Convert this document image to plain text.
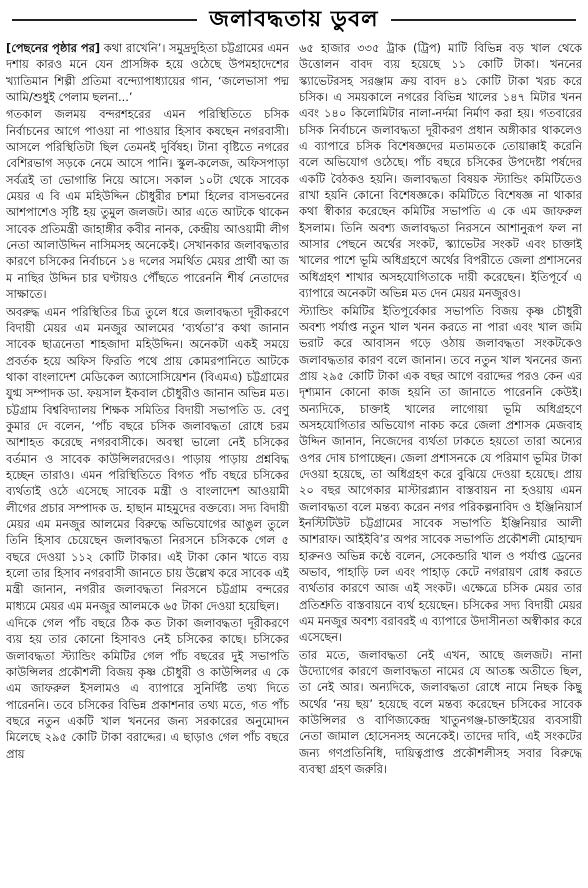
জলাবদ্ধতায় ডুবল

[পেছনের পৃষ্ঠার পর] কথা রাখেনি’। সমুদ্রদুহিতা চট্টগ্রামের এমন দশায় কারও মনে যেন প্রাসঙ্গিক হয়ে ওঠেছে উপমহাদেশের খ্যাতিমান শিল্পী প্রতিমা বন্দ্যোপাধ্যায়ের গান, ‘জলেভাসা পদ্ম আমি/শুধুই পেলাম ছলনা...’

গতকাল জলময় বন্দরশহরের এমন পরিস্থিতিতে চসিক নির্বাচনের আগে পাওয়া না পাওয়ার হিসাব কষছেন নগরবাসী। আসলে পরিস্থিতিটা ছিল তেমনই দুর্বিষহ। টানা বৃষ্টিতে নগরের বেশিরভাগ সড়কে নেমে আসে পানি। স্কুল-কলেজ, অফিসপাড়া সর্বত্রই তা ভোগান্তি নিয়ে আসে। সকাল ১০টা থেকে সাবেক মেয়র এ বি এম মহিউদ্দিন চৌধুরীর চশমা হিলের বাসভবনের আশপাশেও সৃষ্টি হয় তুমুল জলজট। আর এতে আটকে থাকেন সাবেক প্রতিমন্ত্রী জাহাঙ্গীর কবীর নানক, কেন্দ্রীয় আওয়ামী লীগ নেতা আলাউদ্দিন নাসিমসহ অনেকেই। সেখানকার জলাবদ্ধতার কারণে চসিকের নির্বাচনে ১৪ দলের সমর্থিত মেয়র প্রার্থী আ জ ম নাছির উদ্দিন চার ঘণ্টায়ও পৌঁছতে পারেননি শীর্ষ নেতাদের সাক্ষাতে।

অবরুদ্ধ এমন পরিস্থিতির চিত্র তুলে ধরে জলাবদ্ধতা দূরীকরণে বিদায়ী মেয়র এম মনজুর আলমের ‘ব্যর্থতা’র কথা জানান সাবেক ছাত্রনেতা শাহজাদা মহিউদ্দিন। অনেকটা একই সময়ে প্রবর্তক হয়ে অফিস ফিরতি পথে প্রায় কোমরপানিতে আটকে থাকা বাংলাদেশ মেডিকেল অ্যাসোসিয়েশন (বিএমএ) চট্টগ্রামের যুগ্ম সম্পাদক ডা. ফয়সাল ইকবাল চৌধুরীও জানান অভিন্ন মত। চট্টগ্রাম বিশ্ববিদ্যালয় শিক্ষক সমিতির বিদায়ী সভাপতি ড. বেণু কুমার দে বলেন, ‘পাঁচ বছরে চসিক জলাবদ্ধতা রোধে চরম আশাহত করেছে নগরবাসীকে। অবস্থা ভালো নেই চসিকের বর্তমান ও সাবেক কাউন্সিলরদেরও। পাড়ায় পাড়ায় প্রশ্নবিদ্ধ হচ্ছেন তারাও। এমন পরিস্থিতিতে বিগত পাঁচ বছরে চসিকের ব্যর্থতাই ওঠে এসেছে সাবেক মন্ত্রী ও বাংলাদেশ আওয়ামী লীগের প্রচার সম্পাদক ড. হাছান মাহমুদের বক্তব্যে। সদ্য বিদায়ী মেয়র এম মনজুর আলমের বিরুদ্ধে অভিযোগের আঙুল তুলে তিনি হিসাব চেয়েছেন জলাবদ্ধতা নিরসনে চসিককে গেল ৫ বছরে দেওয়া ১১২ কোটি টাকার। এই টাকা কোন খাতে ব্যয় হলো তার হিসাব নগরবাসী জানতে চায় উল্লেখ করে সাবেক এই মন্ত্রী জানান, নগরীর জলাবদ্ধতা নিরসনে চট্টগ্রাম বন্দরের মাধ্যমে মেয়র এম মনজুর আলমকে ৬৫ টাকা দেওয়া হয়েছিল।

এদিকে গেল পাঁচ বছরে ঠিক কত টাকা জলাবদ্ধতা দূরীকরণে ব্যয় হয় তার কোনো হিসাবও নেই চসিকের কাছে। চসিকের জলাবদ্ধতা স্ট্যান্ডিং কমিটির গেল পাঁচ বছরের দুই সভাপতি কাউন্সিলর প্রকৌশলী বিজয় কৃষ্ণ চৌধুরী ও কাউন্সিলর এ কে এম জাফরুল ইসলামও এ ব্যাপারে সুনির্দিষ্ট তথ্য দিতে পারেননি। তবে চসিকের বিভিন্ন প্রকাশনার তথ্য মতে, গত পাঁচ বছরে নতুন একটি খাল খননের জন্য সরকারের অনুমোদন মিলেছে ২৯৫ কোটি টাকা বরাদ্দের। এ ছাড়াও গেল পাঁচ বছরে প্রায়

৬৫ হাজার ৩৩৫ ট্রাক (ট্রিপ) মাটি বিভিন্ন বড় খাল থেকে উত্তোলন বাবদ ব্যয় হয়েছে ১১ কোটি টাকা। খননের স্ক্যাভেটরসহ সরঞ্জাম ক্রয় বাবদ ৪১ কোটি টাকা খরচ করে চসিক। এ সময়কালে নগরের বিভিন্ন খালের ১৪৭ মিটার খনন এবং ১৪০ কিলোমিটার নালা-নর্দমা নির্মাণ করা হয়। গতবারের চসিক নির্বাচনে জলাবদ্ধতা দূরীকরণ প্রধান অঙ্গীকার থাকলেও এ ব্যাপারে চসিক বিশেষজ্ঞদের মতামতকে তোয়াক্কাই করেনি বলে অভিযোগ ওঠেছে। পাঁচ বছরে চসিকের উপদেষ্টা পর্ষদের একটি বৈঠকও হয়নি। জলাবদ্ধতা বিষয়ক স্ট্যান্ডিং কমিটিতেও রাখা হয়নি কোনো বিশেষজ্ঞকে। কমিটিতে বিশেষজ্ঞ না থাকার কথা স্বীকার করেছেন কমিটির সভাপতি এ কে এম জাফরুল ইসলাম। তিনি অবশ্য জলাবদ্ধতা নিরসনে আশানুরূপ ফল না আসার পেছনে অর্থের সংকট, স্ক্যাভেটর সংকট এবং চাক্তাই খালের পাশে ভূমি অধিগ্রহণে অর্থের বিপরীতে জেলা প্রশাসনের অধিগ্রহণ শাখার অসহযোগিতাকে দায়ী করেছেন। ইতিপূর্বে এ ব্যাপারে অনেকটা অভিন্ন মত দেন মেয়র মনজুরও।

স্ট্যান্ডিং কমিটির ইতিপূর্বেকার সভাপতি বিজয় কৃষ্ণ চৌধুরী অবশ্য পর্যাপ্ত নতুন খাল খনন করতে না পারা এবং খাল জমি ভরাট করে আবাসন গড়ে ওঠায় জলাবদ্ধতা সংকটকেও জলাবদ্ধতার কারণ বলে জানান। তবে নতুন খাল খননের জন্য প্রায় ২৯৫ কোটি টাকা এক বছর আগে বরাদ্দের পরও কেন এর দৃশ্যমান কোনো কাজ হয়নি তা জানাতে পারেননি কেউই। অন্যদিকে, চাক্তাই খালের লাগোয়া ভূমি অধিগ্রহণে অসহযোগিতার অভিযোগ নাকচ করে জেলা প্রশাসক মেজবাহ উদ্দিন জানান, নিজেদের ব্যর্থতা ঢাকতে হয়তো তারা অন্যের ওপর দোষ চাপাচ্ছেন। জেলা প্রশাসনকে যে পরিমাণ ভূমির টাকা দেওয়া হয়েছে, তা অধিগ্রহণ করে বুঝিয়ে দেওয়া হয়েছে। প্রায় ২০ বছর আগেকার মাস্টারপ্ল্যান বাস্তবায়ন না হওয়ায় এমন জলাবদ্ধতা বলে মন্তব্য করেন নগর পরিকল্পনাবিদ ও ইঞ্জিনিয়ার্স ইনস্টিটিউট চট্টগ্রামের সাবেক সভাপতি ইঞ্জিনিয়ার আলী আশরাফ। আইইবি’র অপর সাবেক সভাপতি প্রকৌশলী মোহাম্মদ হারুনও অভিন্ন কণ্ঠে বলেন, সেকেন্ডারি খাল ও পর্যাপ্ত ড্রেনের অভাব, পাহাড়ি ঢল এবং পাহাড় কেটে নগরায়ণ রোধ করতে ব্যর্থতার কারণে আজ এই সংকট। এক্ষেত্রে চসিক মেয়র তার প্রতিশ্রুতি বাস্তবায়নে ব্যর্থ হয়েছেন। চসিকের সদ্য বিদায়ী মেয়র এম মনজুর অবশ্য বরাবরই এ ব্যাপারে উদাসীনতা অস্বীকার করে এসেছেন।

তার মতে, জলাবদ্ধতা নেই এখন, আছে জলজট। নানা উদ্যোগের কারণে জলাবদ্ধতা নামের যে আতঙ্ক অতীতে ছিল, তা নেই আর। অন্যদিকে, জলাবদ্ধতা রোধে নামে নিছক কিছু অর্থের ‘নয় ছয়’ হয়েছে বলে মন্তব্য করেছেন চসিকের সাবেক কাউন্সিলর ও বাণিজ্যকেন্দ্র খাতুনগঞ্জ-চাক্তাইয়ের ব্যবসায়ী নেতা জামাল হোসেনসহ অনেকেই। তাদের দাবি, এই সংকটের জন্য গণপ্রতিনিধি, দায়িত্বপ্রাপ্ত প্রকৌশলীসহ সবার বিরুদ্ধে ব্যবস্থা গ্রহণ জরুরি।
